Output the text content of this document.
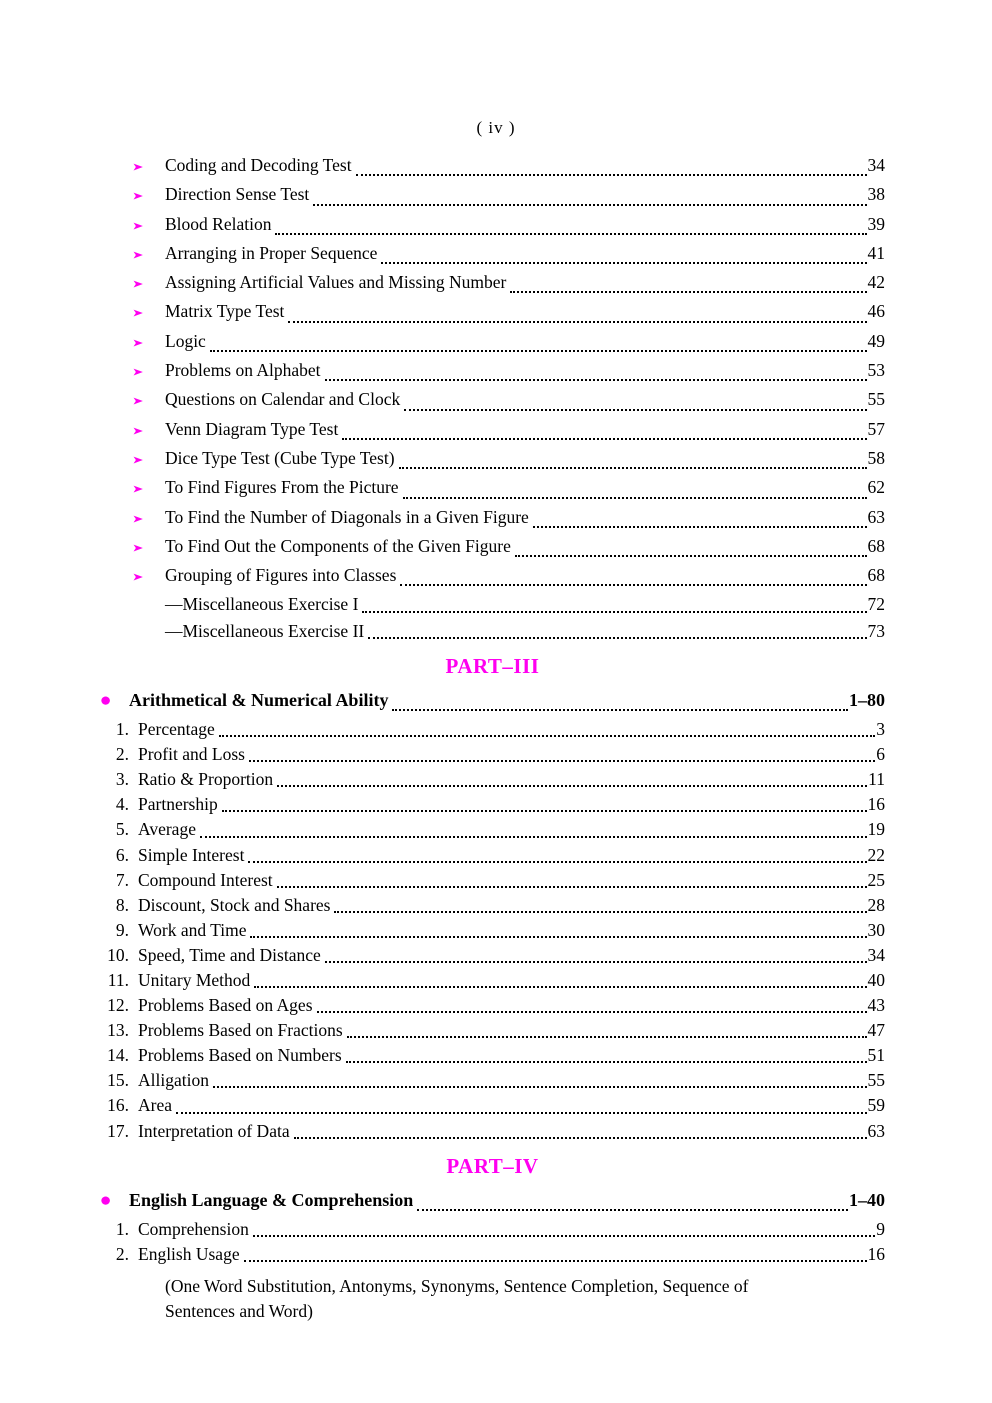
( iv )
➤	Coding and Decoding Test	34
➤	Direction Sense Test	38
➤	Blood Relation	39
➤	Arranging in Proper Sequence	41
➤	Assigning Artificial Values and Missing Number	42
➤	Matrix Type Test	46
➤	Logic	49
➤	Problems on Alphabet	53
➤	Questions on Calendar and Clock	55
➤	Venn Diagram Type Test	57
➤	Dice Type Test (Cube Type Test)	58
➤	To Find Figures From the Picture	62
➤	To Find the Number of Diagonals in a Given Figure	63
➤	To Find Out the Components of the Given Figure	68
➤	Grouping of Figures into Classes	68
—Miscellaneous Exercise I	72
—Miscellaneous Exercise II	73
PART–III
● Arithmetical & Numerical Ability	1–80
1. Percentage	3
2. Profit and Loss	6
3. Ratio & Proportion	11
4. Partnership	16
5. Average	19
6. Simple Interest	22
7. Compound Interest	25
8. Discount, Stock and Shares	28
9. Work and Time	30
10. Speed, Time and Distance	34
11. Unitary Method	40
12. Problems Based on Ages	43
13. Problems Based on Fractions	47
14. Problems Based on Numbers	51
15. Alligation	55
16. Area	59
17. Interpretation of Data	63
PART–IV
● English Language & Comprehension	1–40
1. Comprehension	9
2. English Usage	16
(One Word Substitution, Antonyms, Synonyms, Sentence Completion, Sequence of Sentences and Word)
